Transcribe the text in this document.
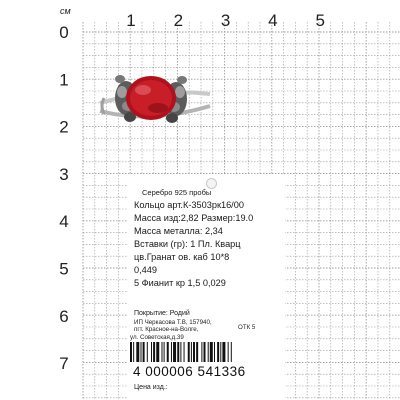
см	1 2 3 4 5
0
1
2
3
4
5
6
7
Серебро 925 пробы
Кольцо арт.К-3503рк16/00
Масса изд:2,82 Размер:19.0
Масса металла: 2,34
Вставки (гр): 1 Пл. Кварц
цв.Гранат ов. каб 10*8
0,449
5 Фианит кр 1,5 0,029
Покрытие: Родий
ИП Черкасова Т.В, 157940,
пгт. Красное-на-Волге,
ул. Советская,д.39
ОТК 5
4 000006 541336
Цена изд.:
